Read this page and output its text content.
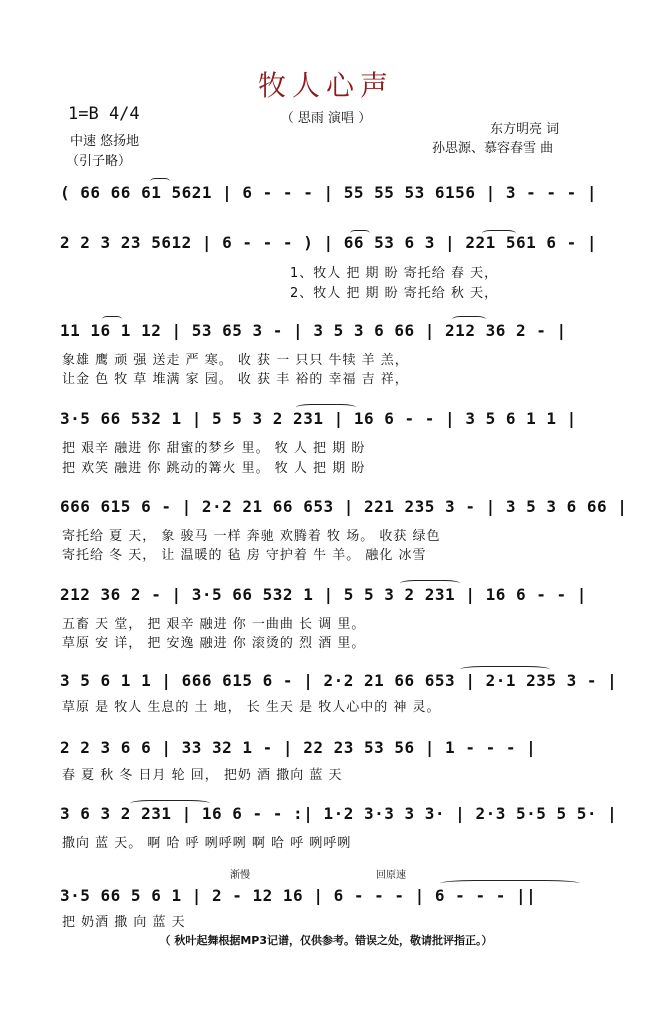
牧人心声
（ 思雨 演唱 ）
1=B 4/4
中速 悠扬地
（引子略）
东方明亮 词
孙思源、慕容春雪 曲
( 66 66 61 5621 | 6 - - - | 55 55 53 6156 | 3 - - - |
2 2 3 23 5612 | 6 - - - ) | 66 53 6 3 | 221 561 6 - |
1、牧人 把 期 盼 寄托给 春 天，
2、牧人 把 期 盼 寄托给 秋 天，
11 16 1 12 | 53 65 3 - | 3 5 3 6 66 | 212 36 2 - |
象雄 鹰 顽 强 送走 严 寒。 收 获 一 只只 牛犊 羊 羔，
让金 色 牧 草 堆满 家 园。 收 获 丰 裕的 幸福 吉 祥，
3·5 66 532 1 | 5 5 3 2 231 | 16 6 - - | 3 5 6 1 1 |
把 艰辛 融进 你 甜蜜的梦乡 里。 牧 人 把 期 盼
把 欢笑 融进 你 跳动的篝火 里。 牧 人 把 期 盼
666 615 6 - | 2·2 21 66 653 | 221 235 3 - | 3 5 3 6 66 |
寄托给 夏 天， 象 骏马 一样 奔驰 欢腾着 牧 场。 收获 绿色
寄托给 冬 天， 让 温暖的 毡 房 守护着 牛 羊。 融化 冰雪
212 36 2 - | 3·5 66 532 1 | 5 5 3 2 231 | 16 6 - - |
五畜 天 堂， 把 艰辛 融进 你 一曲曲 长 调 里。
草原 安 详， 把 安逸 融进 你 滚烫的 烈 酒 里。
3 5 6 1 1 | 666 615 6 - | 2·2 21 66 653 | 2·1 235 3 - |
草原 是 牧人 生息的 土 地， 长 生天 是 牧人心中的 神 灵。
2 2 3 6 6 | 33 32 1 - | 22 23 53 56 | 1 - - - |
春 夏 秋 冬 日月 轮 回， 把奶 酒 撒向 蓝 天
3 6 3 2 231 | 16 6 - - :| 1·2 3·3 3 3· | 2·3 5·5 5 5· |
撒向 蓝 天。 啊 哈 呼 咧呼咧 啊 哈 呼 咧呼咧
渐慢	回原速
3·5 66 5 6 1 | 2 - 12 16 | 6 - - - | 6 - - - ||
把 奶酒 撒 向 蓝 天
（ 秋叶起舞根据MP3记谱，仅供参考。错误之处，敬请批评指正。）
